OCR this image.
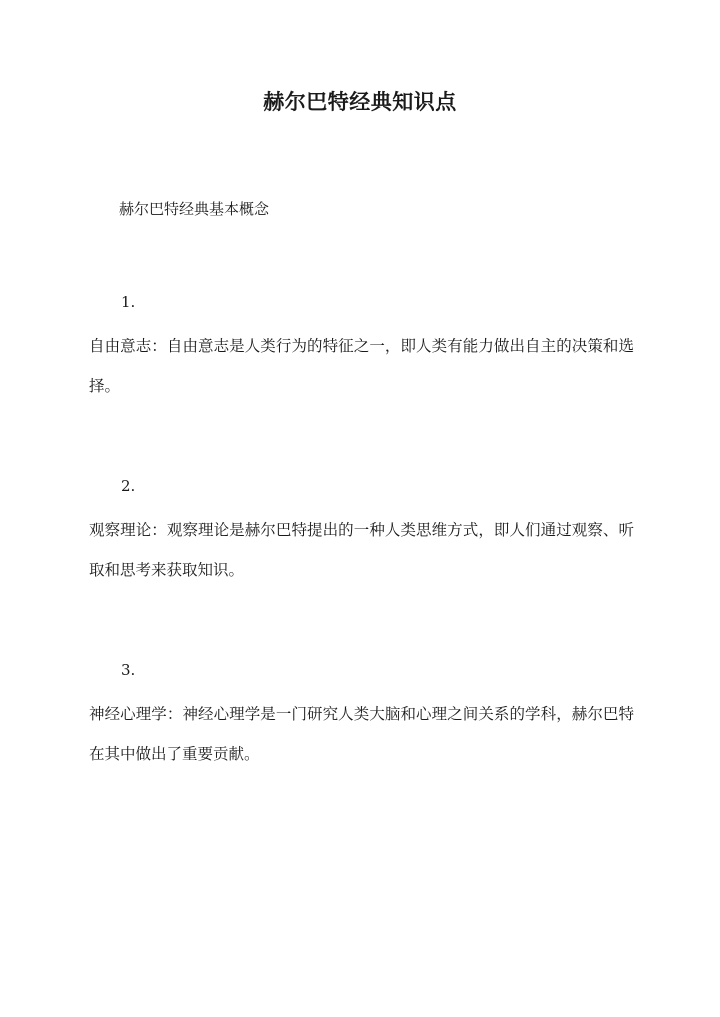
赫尔巴特经典知识点
赫尔巴特经典基本概念
1.
自由意志：自由意志是人类行为的特征之一，即人类有能力做出自主的决策和选择。
2.
观察理论：观察理论是赫尔巴特提出的一种人类思维方式，即人们通过观察、听取和思考来获取知识。
3.
神经心理学：神经心理学是一门研究人类大脑和心理之间关系的学科，赫尔巴特在其中做出了重要贡献。
